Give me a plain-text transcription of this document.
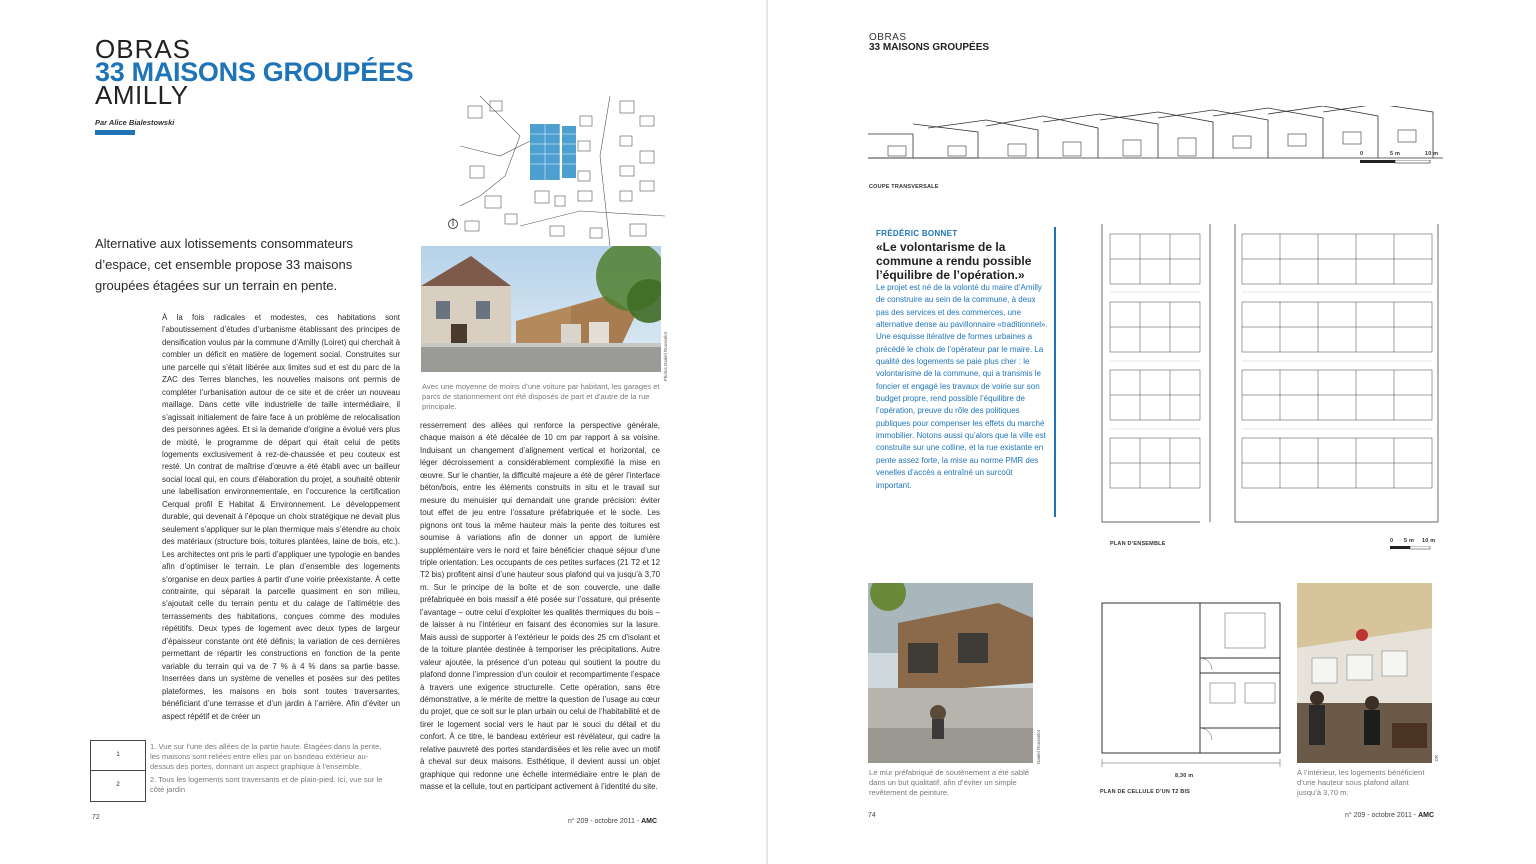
OBRAS
33 MAISONS GROUPÉES
AMILLY
Par Alice Bialestowski
Alternative aux lotissements consommateurs d’espace, cet ensemble propose 33 maisons groupées étagées sur un terrain en pente.
Photos Daniel Rousselot
Avec une moyenne de moins d’une voiture par habitant, les garages et parcs de stationnement ont été disposés de part et d’autre de la rue principale.
À la fois radicales et modestes, ces habitations sont l’aboutissement d’études d’urbanisme établissant des principes de densification voulus par la commune d’Amilly (Loiret) qui cherchait à combler un déficit en matière de logement social. Construites sur une parcelle qui s’était libérée aux limites sud et est du parc de la ZAC des Terres blanches, les nouvelles maisons ont permis de compléter l’urbanisation autour de ce site et de créer un nouveau maillage. Dans cette ville industrielle de taille intermédiaire, il s’agissait initialement de faire face à un problème de relocalisation des personnes agées. Et si la demande d’origine a évolué vers plus de mixité, le programme de départ qui était celui de petits logements exclusivement à rez-de-chaussée et peu couteux est resté. Un contrat de maîtrise d’œuvre a été établi avec un bailleur social local qui, en cours d’élaboration du projet, a souhaité obtenir une labellisation environnementale, en l’occurence la certification Cerqual profil E Habitat & Environnement. Le développement durable, qui devenait à l’époque un choix stratégique ne devait plus seulement s’appliquer sur le plan thermique mais s’étendre au choix des matériaux (structure bois, toitures plantées, laine de bois, etc.). Les architectes ont pris le parti d’appliquer une typologie en bandes afin d’optimiser le terrain. Le plan d’ensemble des logements s’organise en deux parties à partir d’une voirie préexistante. À cette contrainte, qui séparait la parcelle quasiment en son milieu, s’ajoutait celle du terrain pentu et du calage de l’altimétrie des terrassements des habitations, conçues comme des modules répétitifs. Deux types de logement avec deux types de largeur d’épaisseur constante ont été définis; la variation de ces dernières permettant de répartir les constructions en fonction de la pente variable du terrain qui va de 7 % à 4 % dans sa partie basse. Inserrées dans un système de venelles et posées sur des petites plateformes, les maisons en bois sont toutes traversantes, bénéficiant d’une terrasse et d’un jardin à l’arrière. Afin d’éviter un aspect répétif et de créer un
resserrement des allées qui renforce la perspective générale, chaque maison a été décalée de 10 cm par rapport à sa voisine. Induisant un changement d’alignement vertical et horizontal, ce léger décroissement a considérablement complexifié la mise en œuvre. Sur le chantier, la difficulté majeure a été de gérer l’interface béton/bois, entre les éléments construits in situ et le travail sur mesure du menuisier qui demandait une grande précision: éviter tout effet de jeu entre l’ossature préfabriquée et le socle. Les pignons ont tous la même hauteur mais la pente des toitures est soumise à variations afin de donner un apport de lumière supplémentaire vers le nord et faire bénéficier chaque séjour d’une triple orientation. Les occupants de ces petites surfaces (21 T2 et 12 T2 bis) profitent ainsi d’une hauteur sous plafond qui va jusqu’à 3,70 m. Sur le principe de la boîte et de son couvercle, une dalle préfabriquée en bois massif a été posée sur l’ossature, qui présente l’avantage – outre celui d’exploiter les qualités thermiques du bois – de laisser à nu l’intérieur en faisant des économies sur la lasure. Mais aussi de supporter à l’extérieur le poids des 25 cm d’isolant et de la toiture plantée destinée à temporiser les précipitations. Autre valeur ajoutée, la présence d’un poteau qui soutient la poutre du plafond donne l’impression d’un couloir et recompartimente l’espace à travers une exigence structurelle. Cette opération, sans être démonstrative, a le mérite de mettre la question de l’usage au cœur du projet, que ce soit sur le plan urbain ou celui de l’habitabilité et de tirer le logement social vers le haut par le souci du détail et du confort. À ce titre, le bandeau extérieur est révélateur, qui cadre la relative pauvreté des portes standardisées et les relie avec un motif à cheval sur deux maisons. Esthétique, il devient aussi un objet graphique qui redonne une échelle intermédiaire entre le plan de masse et la cellule, tout en participant activement à l’identité du site.
1
2

1. Vue sur l’une des allées de la partie haute. Étagées dans la pente, les maisons sont reliées entre elles par un bandeau extérieur au-dessus des portes, donnant un aspect graphique à l’ensemble.

2. Tous les logements sont traversants et de plain-pied. Ici, vue sur le côté jardin

72
n° 209 - octobre 2011 - AMC
OBRAS
33 MAISONS GROUPÉES
0	5 m	10 m
COUPE TRANSVERSALE
FRÉDÉRIC BONNET
«Le volontarisme de la commune a rendu possible l’équilibre de l’opération.»
Le projet est né de la volonté du maire d’Amilly de construire au sein de la commune, à deux pas des services et des commerces, une alternative dense au pavillonnaire «traditionnel». Une esquisse itérative de formes urbaines a précédé le choix de l’opérateur par le maire. La qualité des logements se paie plus cher : le volontarisme de la commune, qui a transmis le foncier et engagé les travaux de voirie sur son budget propre, rend possible l’équilibre de l’opération, preuve du rôle des politiques publiques pour compenser les effets du marché immobilier. Notons aussi qu’alors que la ville est construite sur une colline, et la rue existante en pente assez forte, la mise au norme PMR des venelles d’accès a entraîné un surcoût important.
PLAN D’ENSEMBLE	0 5 m 10 m
Daniel Rousselot
Le mur préfabriqué de soutènement a été sablé dans un but qualitatif, afin d’éviter un simple revêtement de peinture.
8,30 m
PLAN DE CELLULE D’UN T2 BIS
DR
À l’intérieur, les logements bénéficient d’une hauteur sous plafond allant jusqu’à 3,70 m.
74	n° 209 - octobre 2011 - AMC
